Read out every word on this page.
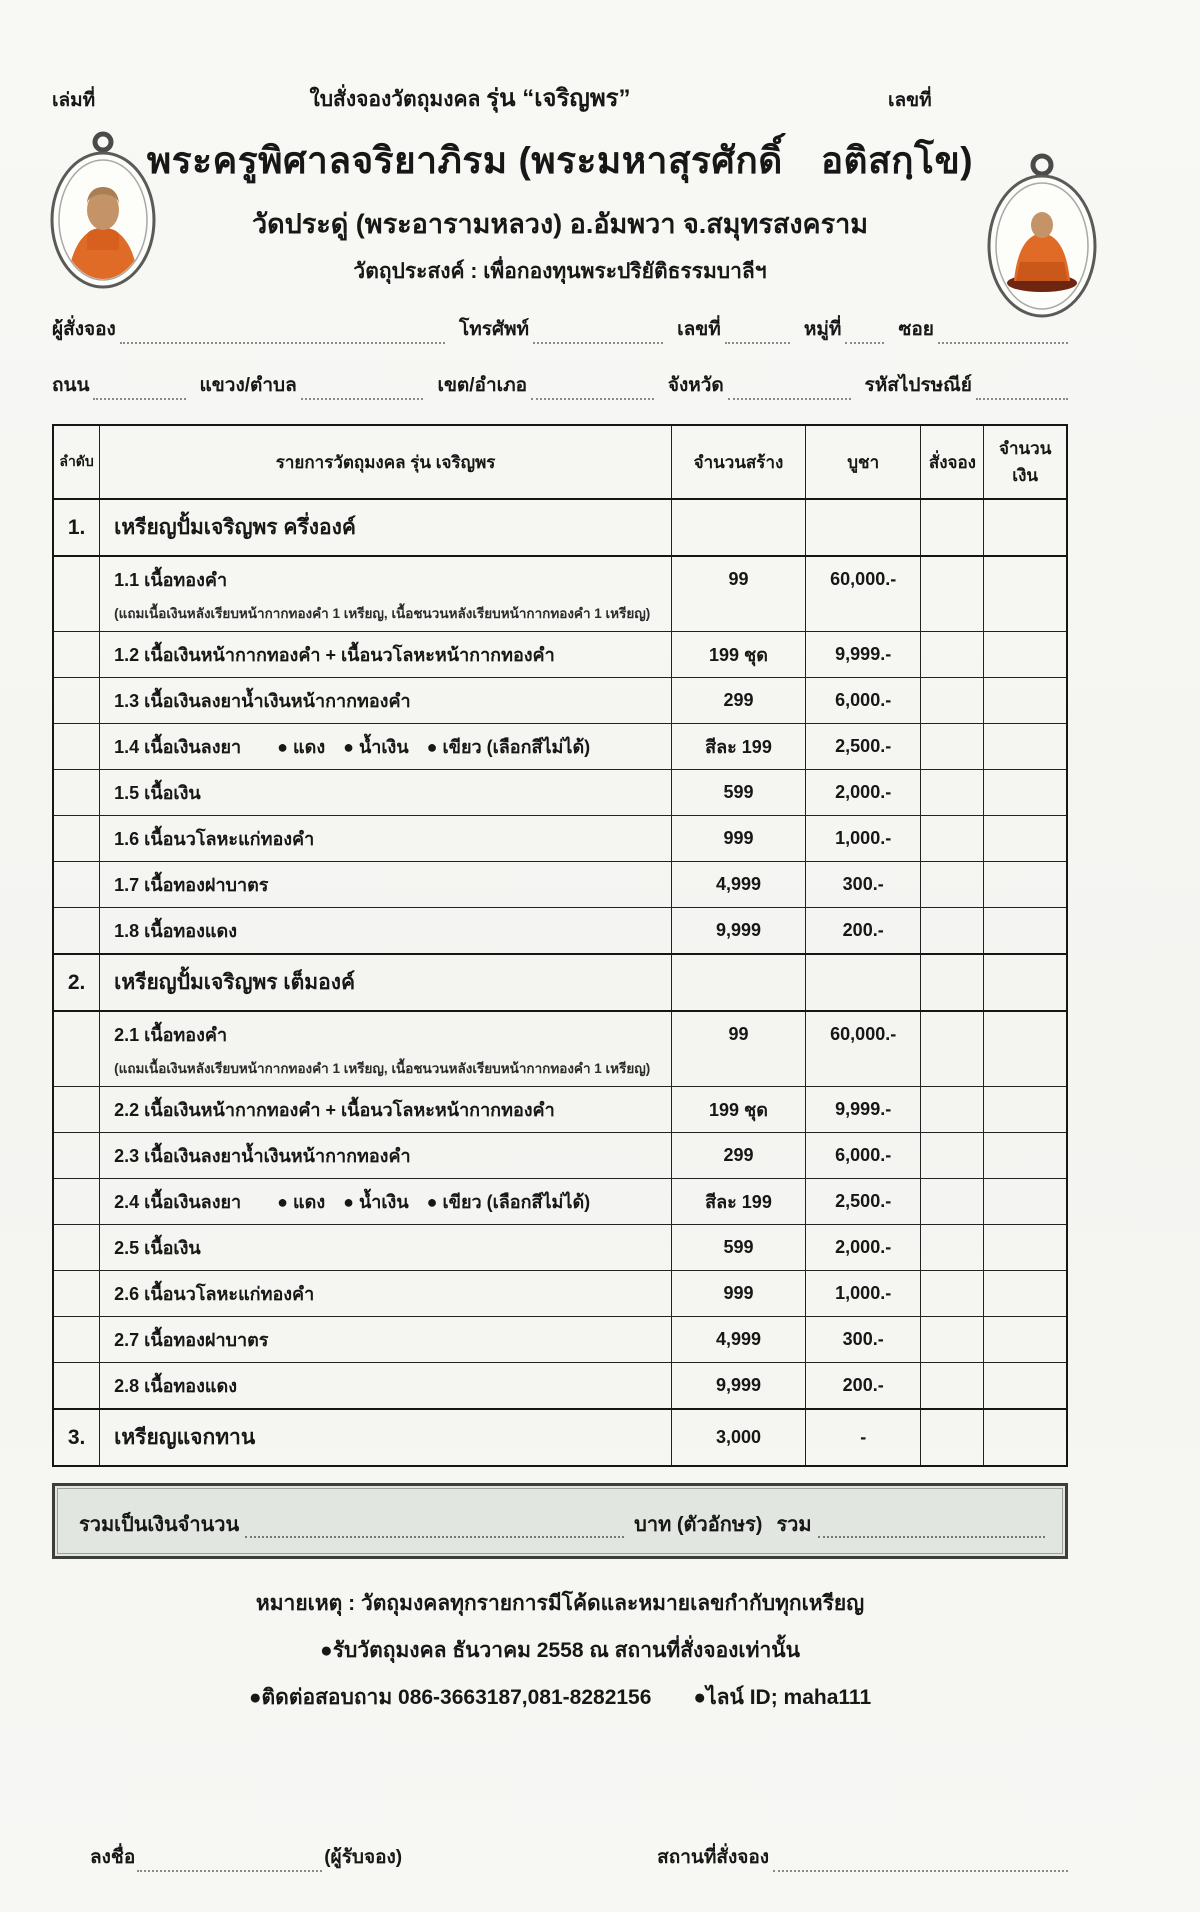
เล่มที่	ใบสั่งจองวัตถุมงคล รุ่น “เจริญพร”	เลขที่
พระครูพิศาลจริยาภิรม (พระมหาสุรศักดิ์  อติสกฺโข)
วัดประดู่ (พระอารามหลวง) อ.อัมพวา จ.สมุทรสงคราม
วัตถุประสงค์ : เพื่อกองทุนพระปริยัติธรรมบาลีฯ
ผู้สั่งจอง	โทรศัพท์	เลขที่	หมู่ที่	ซอย
ถนน	แขวง/ตำบล	เขต/อำเภอ	จังหวัด	รหัสไปรษณีย์
ลำดับ	รายการวัตถุมงคล รุ่น เจริญพร	จำนวนสร้าง	บูชา	สั่งจอง	จำนวนเงิน
1.	เหรียญปั้มเจริญพร ครึ่งองค์				
	1.1 เนื้อทองคำ	99	60,000.-		
	(แถมเนื้อเงินหลังเรียบหน้ากากทองคำ 1 เหรียญ, เนื้อชนวนหลังเรียบหน้ากากทองคำ 1 เหรียญ)				
	1.2 เนื้อเงินหน้ากากทองคำ + เนื้อนวโลหะหน้ากากทองคำ	199 ชุด	9,999.-		
	1.3 เนื้อเงินลงยาน้ำเงินหน้ากากทองคำ	299	6,000.-		
	1.4 เนื้อเงินลงยา  ● แดง ● น้ำเงิน ● เขียว (เลือกสีไม่ได้)	สีละ 199	2,500.-		
	1.5 เนื้อเงิน	599	2,000.-		
	1.6 เนื้อนวโลหะแก่ทองคำ	999	1,000.-		
	1.7 เนื้อทองฝาบาตร	4,999	300.-		
	1.8 เนื้อทองแดง	9,999	200.-		
2.	เหรียญปั้มเจริญพร เต็มองค์				
	2.1 เนื้อทองคำ	99	60,000.-		
	(แถมเนื้อเงินหลังเรียบหน้ากากทองคำ 1 เหรียญ, เนื้อชนวนหลังเรียบหน้ากากทองคำ 1 เหรียญ)				
	2.2 เนื้อเงินหน้ากากทองคำ + เนื้อนวโลหะหน้ากากทองคำ	199 ชุด	9,999.-		
	2.3 เนื้อเงินลงยาน้ำเงินหน้ากากทองคำ	299	6,000.-		
	2.4 เนื้อเงินลงยา  ● แดง ● น้ำเงิน ● เขียว (เลือกสีไม่ได้)	สีละ 199	2,500.-		
	2.5 เนื้อเงิน	599	2,000.-		
	2.6 เนื้อนวโลหะแก่ทองคำ	999	1,000.-		
	2.7 เนื้อทองฝาบาตร	4,999	300.-		
	2.8 เนื้อทองแดง	9,999	200.-		
3.	เหรียญแจกทาน	3,000	-		
รวมเป็นเงินจำนวน	บาท (ตัวอักษร) รวม
หมายเหตุ : วัตถุมงคลทุกรายการมีโค้ดและหมายเลขกำกับทุกเหรียญ
●รับวัตถุมงคล ธันวาคม 2558 ณ สถานที่สั่งจองเท่านั้น
●ติดต่อสอบถาม 086-3663187,081-8282156  ●ไลน์ ID; maha111
ลงชื่อ	(ผู้รับจอง)	สถานที่สั่งจอง
